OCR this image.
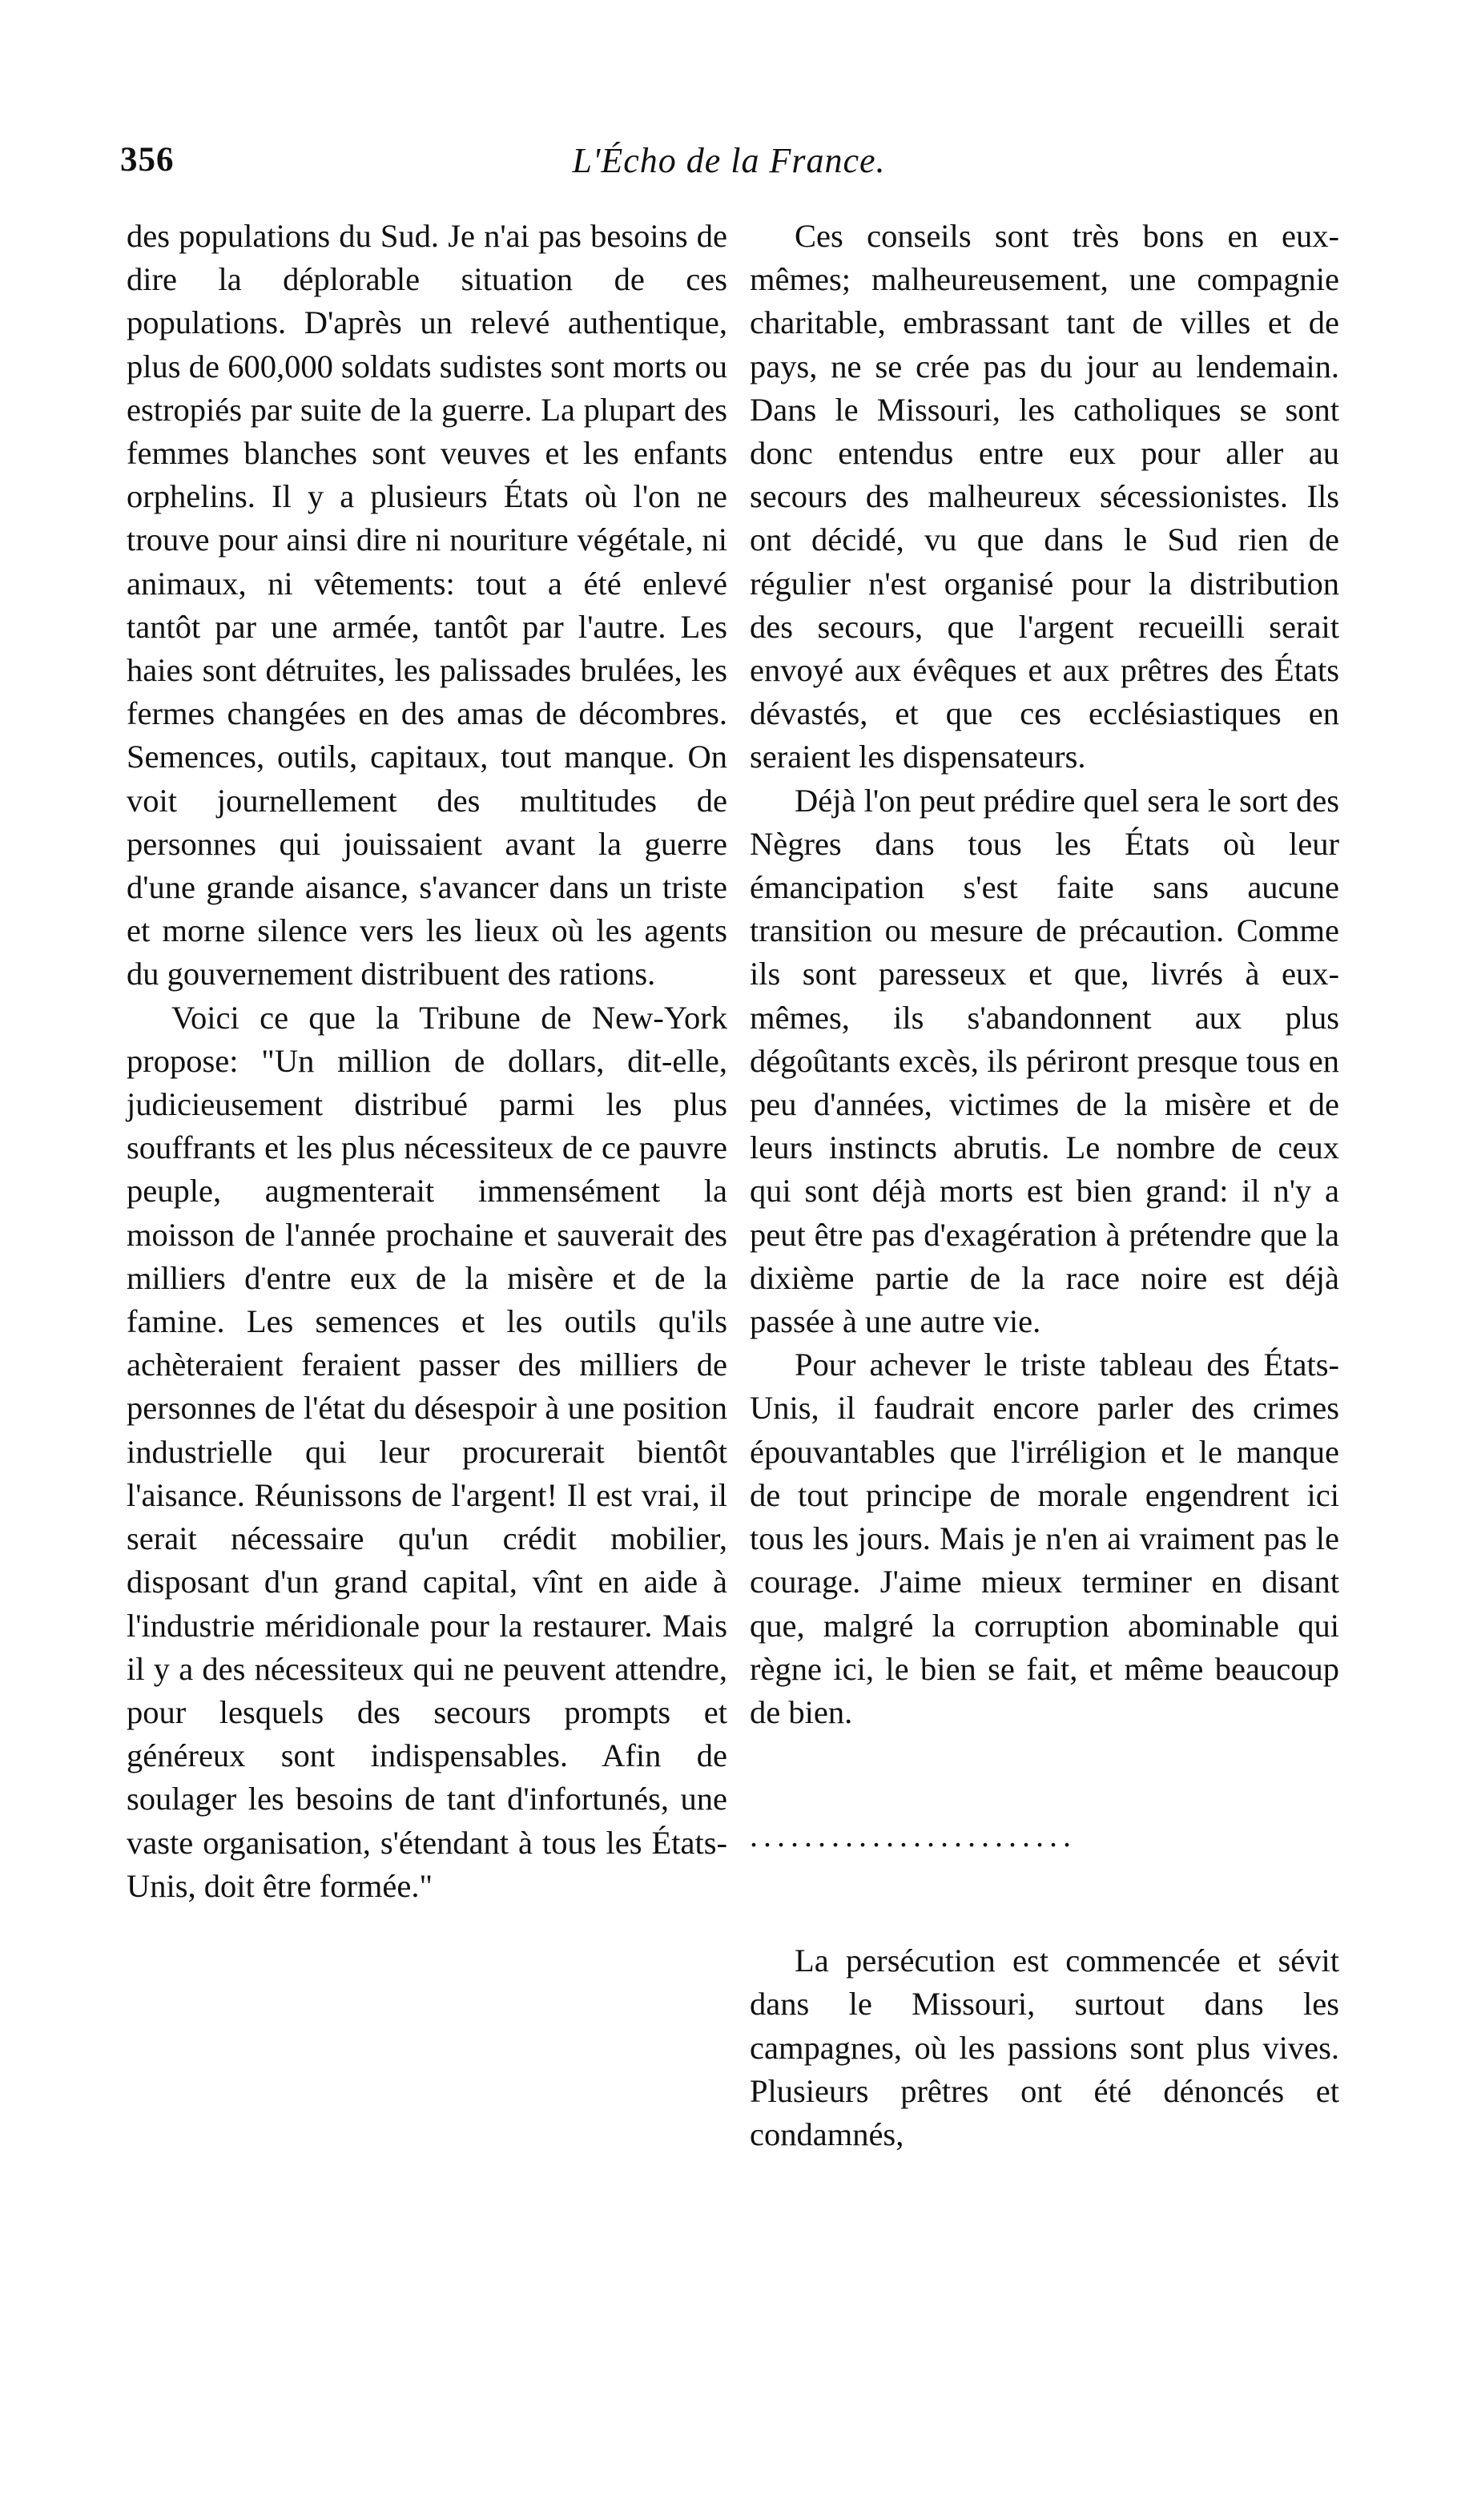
356	L'Écho de la France.

des populations du Sud. Je n'ai pas besoins de dire la déplorable situation de ces populations. D'après un relevé authentique, plus de 600,000 soldats sudistes sont morts ou estropiés par suite de la guerre. La plupart des femmes blanches sont veuves et les enfants orphelins. Il y a plusieurs États où l'on ne trouve pour ainsi dire ni nouriture végétale, ni animaux, ni vêtements: tout a été enlevé tantôt par une armée, tantôt par l'autre. Les haies sont détruites, les palissades brulées, les fermes changées en des amas de décombres. Semences, outils, capitaux, tout manque. On voit journellement des multitudes de personnes qui jouissaient avant la guerre d'une grande aisance, s'avancer dans un triste et morne silence vers les lieux où les agents du gouvernement distribuent des rations.

Voici ce que la Tribune de New-York propose: "Un million de dollars, dit-elle, judicieusement distribué parmi les plus souffrants et les plus nécessiteux de ce pauvre peuple, augmenterait immensément la moisson de l'année prochaine et sauverait des milliers d'entre eux de la misère et de la famine. Les semences et les outils qu'ils achèteraient feraient passer des milliers de personnes de l'état du désespoir à une position industrielle qui leur procurerait bientôt l'aisance. Réunissons de l'argent! Il est vrai, il serait nécessaire qu'un crédit mobilier, disposant d'un grand capital, vînt en aide à l'industrie méridionale pour la restaurer. Mais il y a des nécessiteux qui ne peuvent attendre, pour lesquels des secours prompts et généreux sont indispensables. Afin de soulager les besoins de tant d'infortunés, une vaste organisation, s'étendant à tous les États-Unis, doit être formée."

Ces conseils sont très bons en eux-mêmes; malheureusement, une compagnie charitable, embrassant tant de villes et de pays, ne se crée pas du jour au lendemain. Dans le Missouri, les catholiques se sont donc entendus entre eux pour aller au secours des malheureux sécessionistes. Ils ont décidé, vu que dans le Sud rien de régulier n'est organisé pour la distribution des secours, que l'argent recueilli serait envoyé aux évêques et aux prêtres des États dévastés, et que ces ecclésiastiques en seraient les dispensateurs.

Déjà l'on peut prédire quel sera le sort des Nègres dans tous les États où leur émancipation s'est faite sans aucune transition ou mesure de précaution. Comme ils sont paresseux et que, livrés à eux-mêmes, ils s'abandonnent aux plus dégoûtants excès, ils périront presque tous en peu d'années, victimes de la misère et de leurs instincts abrutis. Le nombre de ceux qui sont déjà morts est bien grand: il n'y a peut être pas d'exagération à prétendre que la dixième partie de la race noire est déjà passée à une autre vie.

Pour achever le triste tableau des États-Unis, il faudrait encore parler des crimes épouvantables que l'irréligion et le manque de tout principe de morale engendrent ici tous les jours. Mais je n'en ai vraiment pas le courage. J'aime mieux terminer en disant que, malgré la corruption abominable qui règne ici, le bien se fait, et même beaucoup de bien.

........................

La persécution est commencée et sévit dans le Missouri, surtout dans les campagnes, où les passions sont plus vives. Plusieurs prêtres ont été dénoncés et condamnés,
